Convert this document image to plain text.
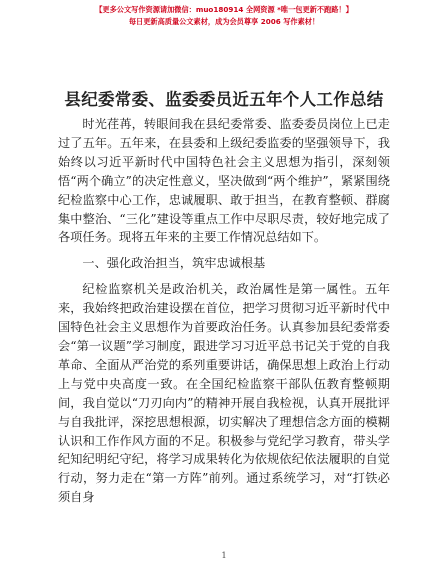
【更多公文写作资源请加微信：muo180914 全网资源 *唯一包更新不跑路！】
每日更新高质量公文素材，成为会员尊享 2006 写作素材！
县纪委常委、监委委员近五年个人工作总结

时光荏苒，转眼间我在县纪委常委、监委委员岗位上已走过了五年。五年来，在县委和上级纪委监委的坚强领导下，我始终以习近平新时代中国特色社会主义思想为指引，深刻领悟“两个确立”的决定性意义，坚决做到“两个维护”，紧紧围绕纪检监察中心工作，忠诚履职、敢于担当，在教育整顿、群腐集中整治、“三化”建设等重点工作中尽职尽责，较好地完成了各项任务。现将五年来的主要工作情况总结如下。

一、强化政治担当，筑牢忠诚根基

纪检监察机关是政治机关，政治属性是第一属性。五年来，我始终把政治建设摆在首位，把学习贯彻习近平新时代中国特色社会主义思想作为首要政治任务。认真参加县纪委常委会“第一议题”学习制度，跟进学习习近平总书记关于党的自我革命、全面从严治党的系列重要讲话，确保思想上政治上行动上与党中央高度一致。在全国纪检监察干部队伍教育整顿期间，我自觉以“刀刃向内”的精神开展自我检视，认真开展批评与自我批评，深挖思想根源，切实解决了理想信念方面的模糊认识和工作作风方面的不足。积极参与党纪学习教育，带头学纪知纪明纪守纪，将学习成果转化为依规依纪依法履职的自觉行动，努力走在“第一方阵”前列。通过系统学习，对“打铁必须自身

1
